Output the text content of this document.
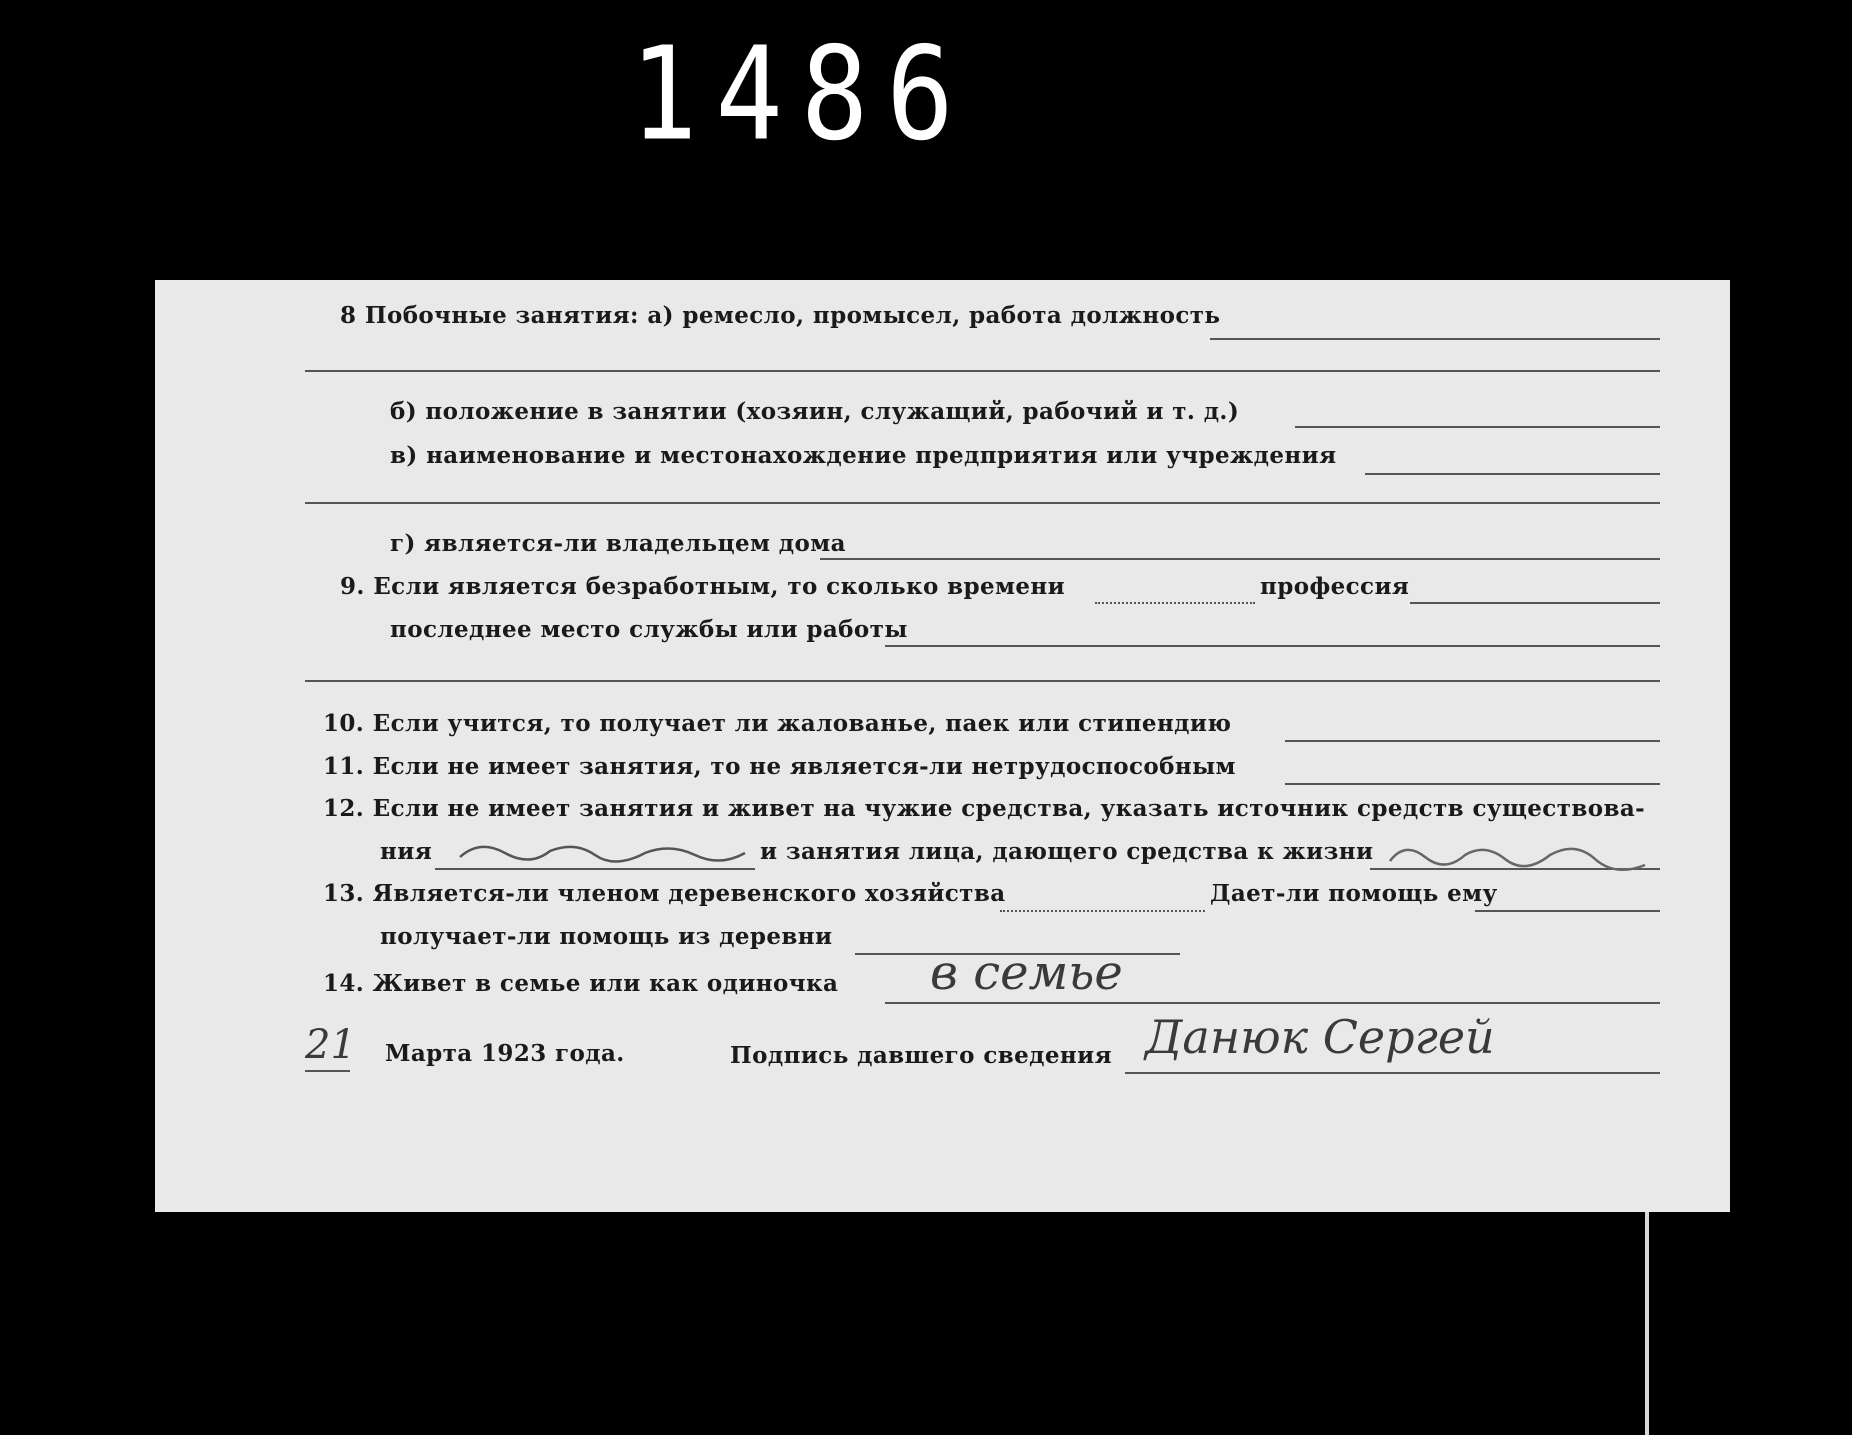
1486
8 Побочные занятия: а) ремесло, промысел, работа должность
б) положение в занятии (хозяин, служащий, рабочий и т. д.)
в) наименование и местонахождение предприятия или учреждения
г) является-ли владельцем дома
9. Если является безработным, то сколько времени	профессия
последнее место службы или работы
10. Если учится, то получает ли жалованье, паек или стипендию
11. Если не имеет занятия, то не является-ли нетрудоспособным
12. Если не имеет занятия и живет на чужие средства, указать источник средств существова-
ния	и занятия лица, дающего средства к жизни
13. Является-ли членом деревенского хозяйства	Дает-ли помощь ему
получает-ли помощь из деревни
14. Живет в семье или как одиночка в семье
21 Марта 1923 года.	Подпись давшего сведения Данюк Сергей
